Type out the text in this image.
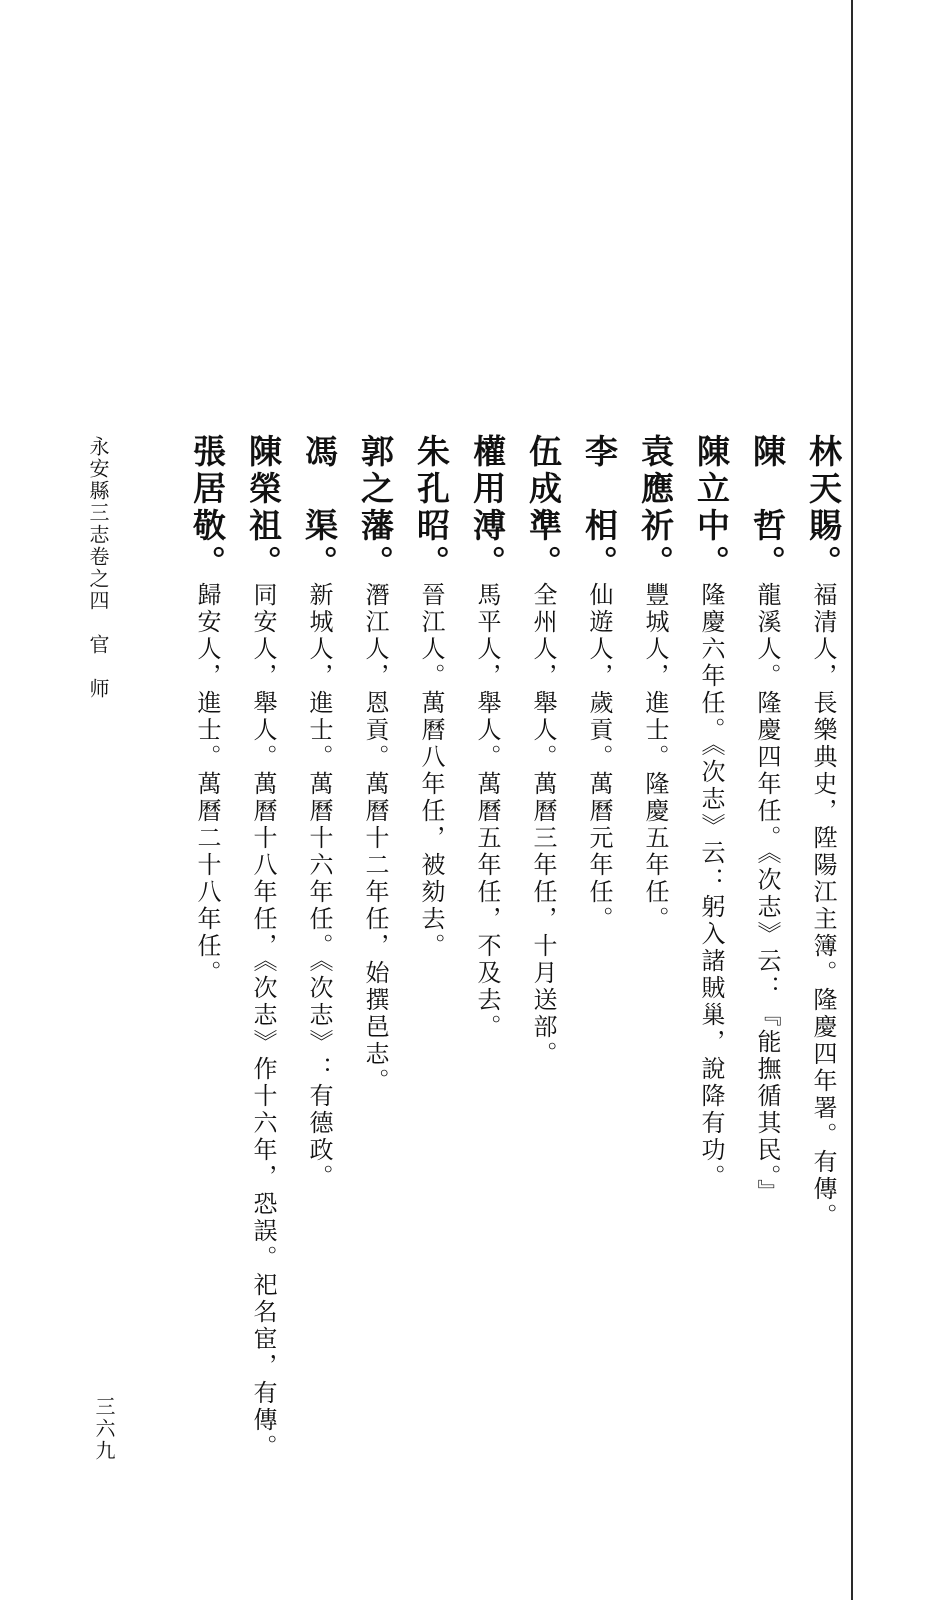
林天賜。福清人，長樂典史，陞陽江主簿。隆慶四年署。有傳。
陳　哲。龍溪人。隆慶四年任。《次志》云：『能撫循其民。』
陳立中。隆慶六年任。《次志》云：躬入諸賊巢，說降有功。
袁應祈。豐城人，進士。隆慶五年任。
李　相。仙遊人，歲貢。萬曆元年任。
伍成準。全州人，舉人。萬曆三年任，十月送部。
權用溥。馬平人，舉人。萬曆五年任，不及去。
朱孔昭。晉江人。萬曆八年任，被劾去。
郭之藩。潛江人，恩貢。萬曆十二年任，始撰邑志。
馮　渠。新城人，進士。萬曆十六年任。《次志》：有德政。
陳榮祖。同安人，舉人。萬曆十八年任，《次志》作十六年，恐誤。祀名宦，有傳。
張居敬。歸安人，進士。萬曆二十八年任。
永安縣三志卷之四官　师
三六九
